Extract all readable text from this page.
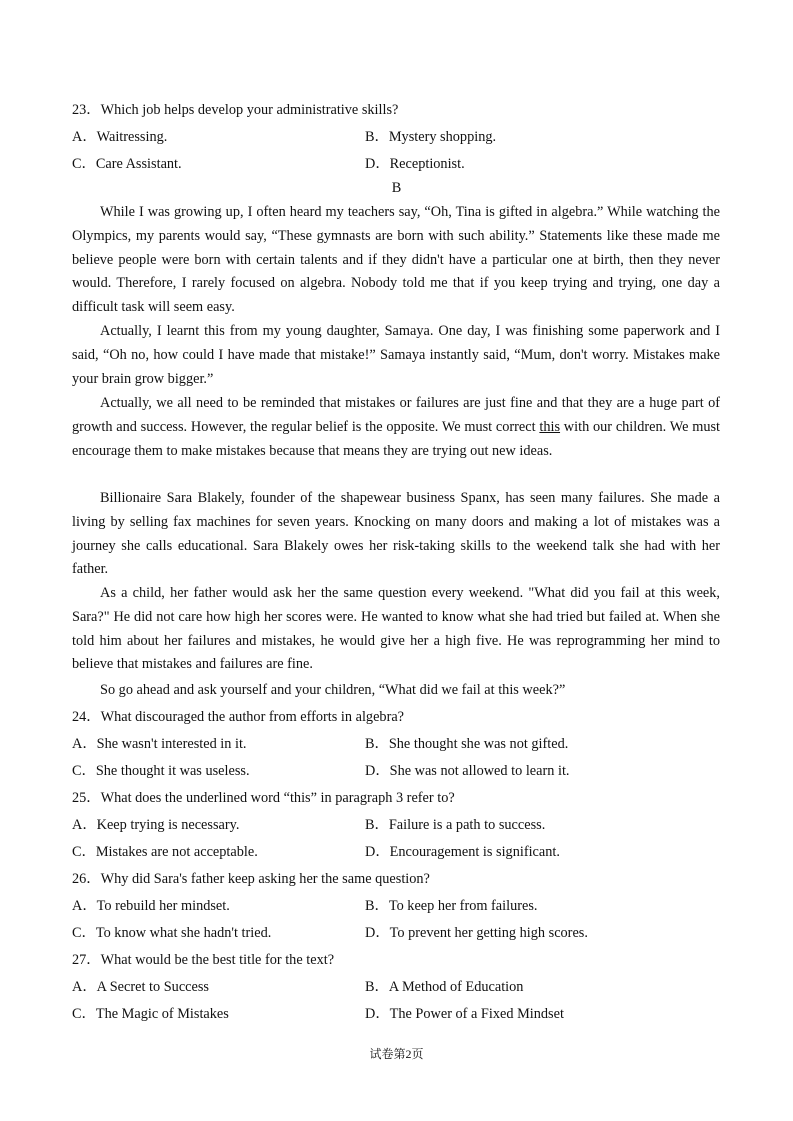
23．Which job helps develop your administrative skills?
A．Waitressing.	B．Mystery shopping.
C．Care Assistant.	D．Receptionist.
B
While I was growing up, I often heard my teachers say, “Oh, Tina is gifted in algebra.” While watching the Olympics, my parents would say, “These gymnasts are born with such ability.” Statements like these made me believe people were born with certain talents and if they didn't have a particular one at birth, then they never would. Therefore, I rarely focused on algebra. Nobody told me that if you keep trying and trying, one day a difficult task will seem easy.
Actually, I learnt this from my young daughter, Samaya. One day, I was finishing some paperwork and I said, “Oh no, how could I have made that mistake!” Samaya instantly said, “Mum, don't worry. Mistakes make your brain grow bigger.”
Actually, we all need to be reminded that mistakes or failures are just fine and that they are a huge part of growth and success. However, the regular belief is the opposite. We must correct this with our children. We must encourage them to make mistakes because that means they are trying out new ideas.
Billionaire Sara Blakely, founder of the shapewear business Spanx, has seen many failures. She made a living by selling fax machines for seven years. Knocking on many doors and making a lot of mistakes was a journey she calls educational. Sara Blakely owes her risk-taking skills to the weekend talk she had with her father.
As a child, her father would ask her the same question every weekend. "What did you fail at this week, Sara?" He did not care how high her scores were. He wanted to know what she had tried but failed at. When she told him about her failures and mistakes, he would give her a high five. He was reprogramming her mind to believe that mistakes and failures are fine.
So go ahead and ask yourself and your children, “What did we fail at this week?”
24．What discouraged the author from efforts in algebra?
A．She wasn't interested in it.	B．She thought she was not gifted.
C．She thought it was useless.	D．She was not allowed to learn it.
25．What does the underlined word “this” in paragraph 3 refer to?
A．Keep trying is necessary.	B．Failure is a path to success.
C．Mistakes are not acceptable.	D．Encouragement is significant.
26．Why did Sara's father keep asking her the same question?
A．To rebuild her mindset.	B．To keep her from failures.
C．To know what she hadn't tried.	D．To prevent her getting high scores.
27．What would be the best title for the text?
A．A Secret to Success	B．A Method of Education
C．The Magic of Mistakes	D．The Power of a Fixed Mindset
试卷第2页
